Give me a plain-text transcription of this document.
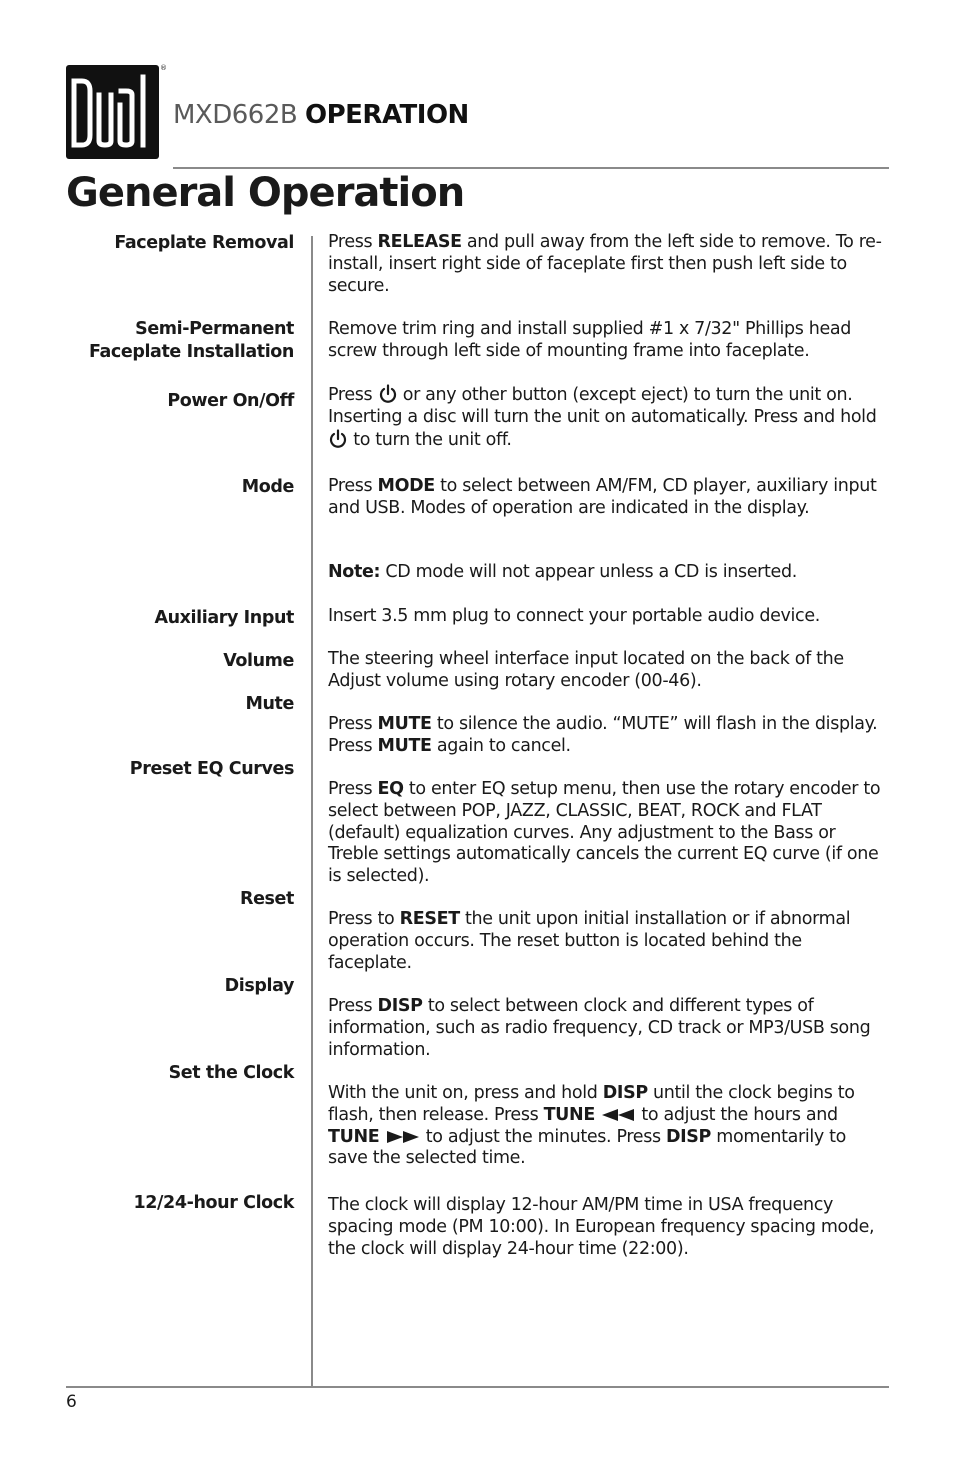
®
MXD662B OPERATION
General Operation
Faceplate Removal
Semi-Permanent
Faceplate Installation
Power On/Off
Mode
Auxiliary Input
Volume
Mute
Preset EQ Curves
Reset
Display
Set the Clock
12/24-hour Clock
Press RELEASE and pull away from the left side to remove. To re-install, insert right side of faceplate first then push left side to secure.
Remove trim ring and install supplied #1 x 7/32" Phillips head screw through left side of mounting frame into faceplate.
Press  or any other button (except eject) to turn the unit on. Inserting a disc will turn the unit on automatically. Press and hold  to turn the unit off.
Press MODE to select between AM/FM, CD player, auxiliary input and USB. Modes of operation are indicated in the display.
Note: CD mode will not appear unless a CD is inserted.
Insert 3.5 mm plug to connect your portable audio device.
The steering wheel interface input located on the back of the Adjust volume using rotary encoder (00-46).
Press MUTE to silence the audio. “MUTE” will flash in the display. Press MUTE again to cancel.
Press EQ to enter EQ setup menu, then use the rotary encoder to select between POP, JAZZ, CLASSIC, BEAT, ROCK and FLAT (default) equalization curves. Any adjustment to the Bass or Treble settings automatically cancels the current EQ curve (if one is selected).
Press to RESET the unit upon initial installation or if abnormal operation occurs. The reset button is located behind the faceplate.
Press DISP to select between clock and different types of information, such as radio frequency, CD track or MP3/USB song information.
With the unit on, press and hold DISP until the clock begins to flash, then release. Press TUNE  to adjust the hours and TUNE  to adjust the minutes. Press DISP momentarily to save the selected time.
The clock will display 12-hour AM/PM time in USA frequency spacing mode (PM 10:00). In European frequency spacing mode, the clock will display 24-hour time (22:00).
6
